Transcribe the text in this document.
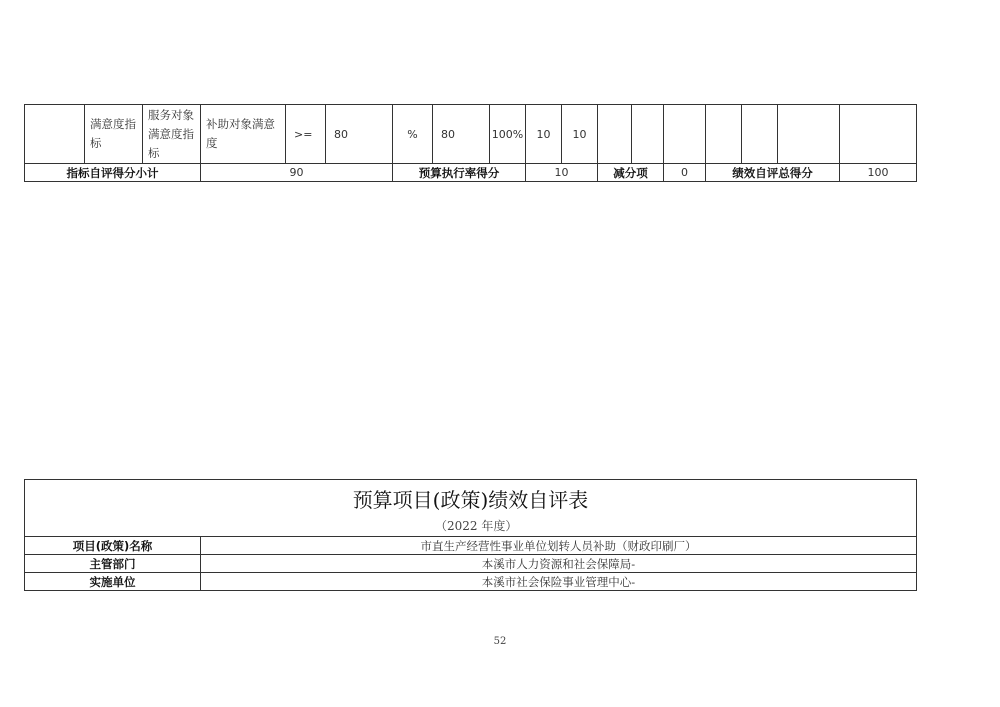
	满意度指标	服务对象满意度指标	补助对象满意度	>=	80	%	80	100%	10	10							
指标自评得分小计			90			预算执行率得分			10		减分项		0	绩效自评总得分			100
预算项目(政策)绩效自评表
（2022 年度）	

项目(政策)名称	市直生产经营性事业单位划转人员补助（财政印刷厂）
主管部门	本溪市人力资源和社会保障局-
实施单位	本溪市社会保险事业管理中心-
52
